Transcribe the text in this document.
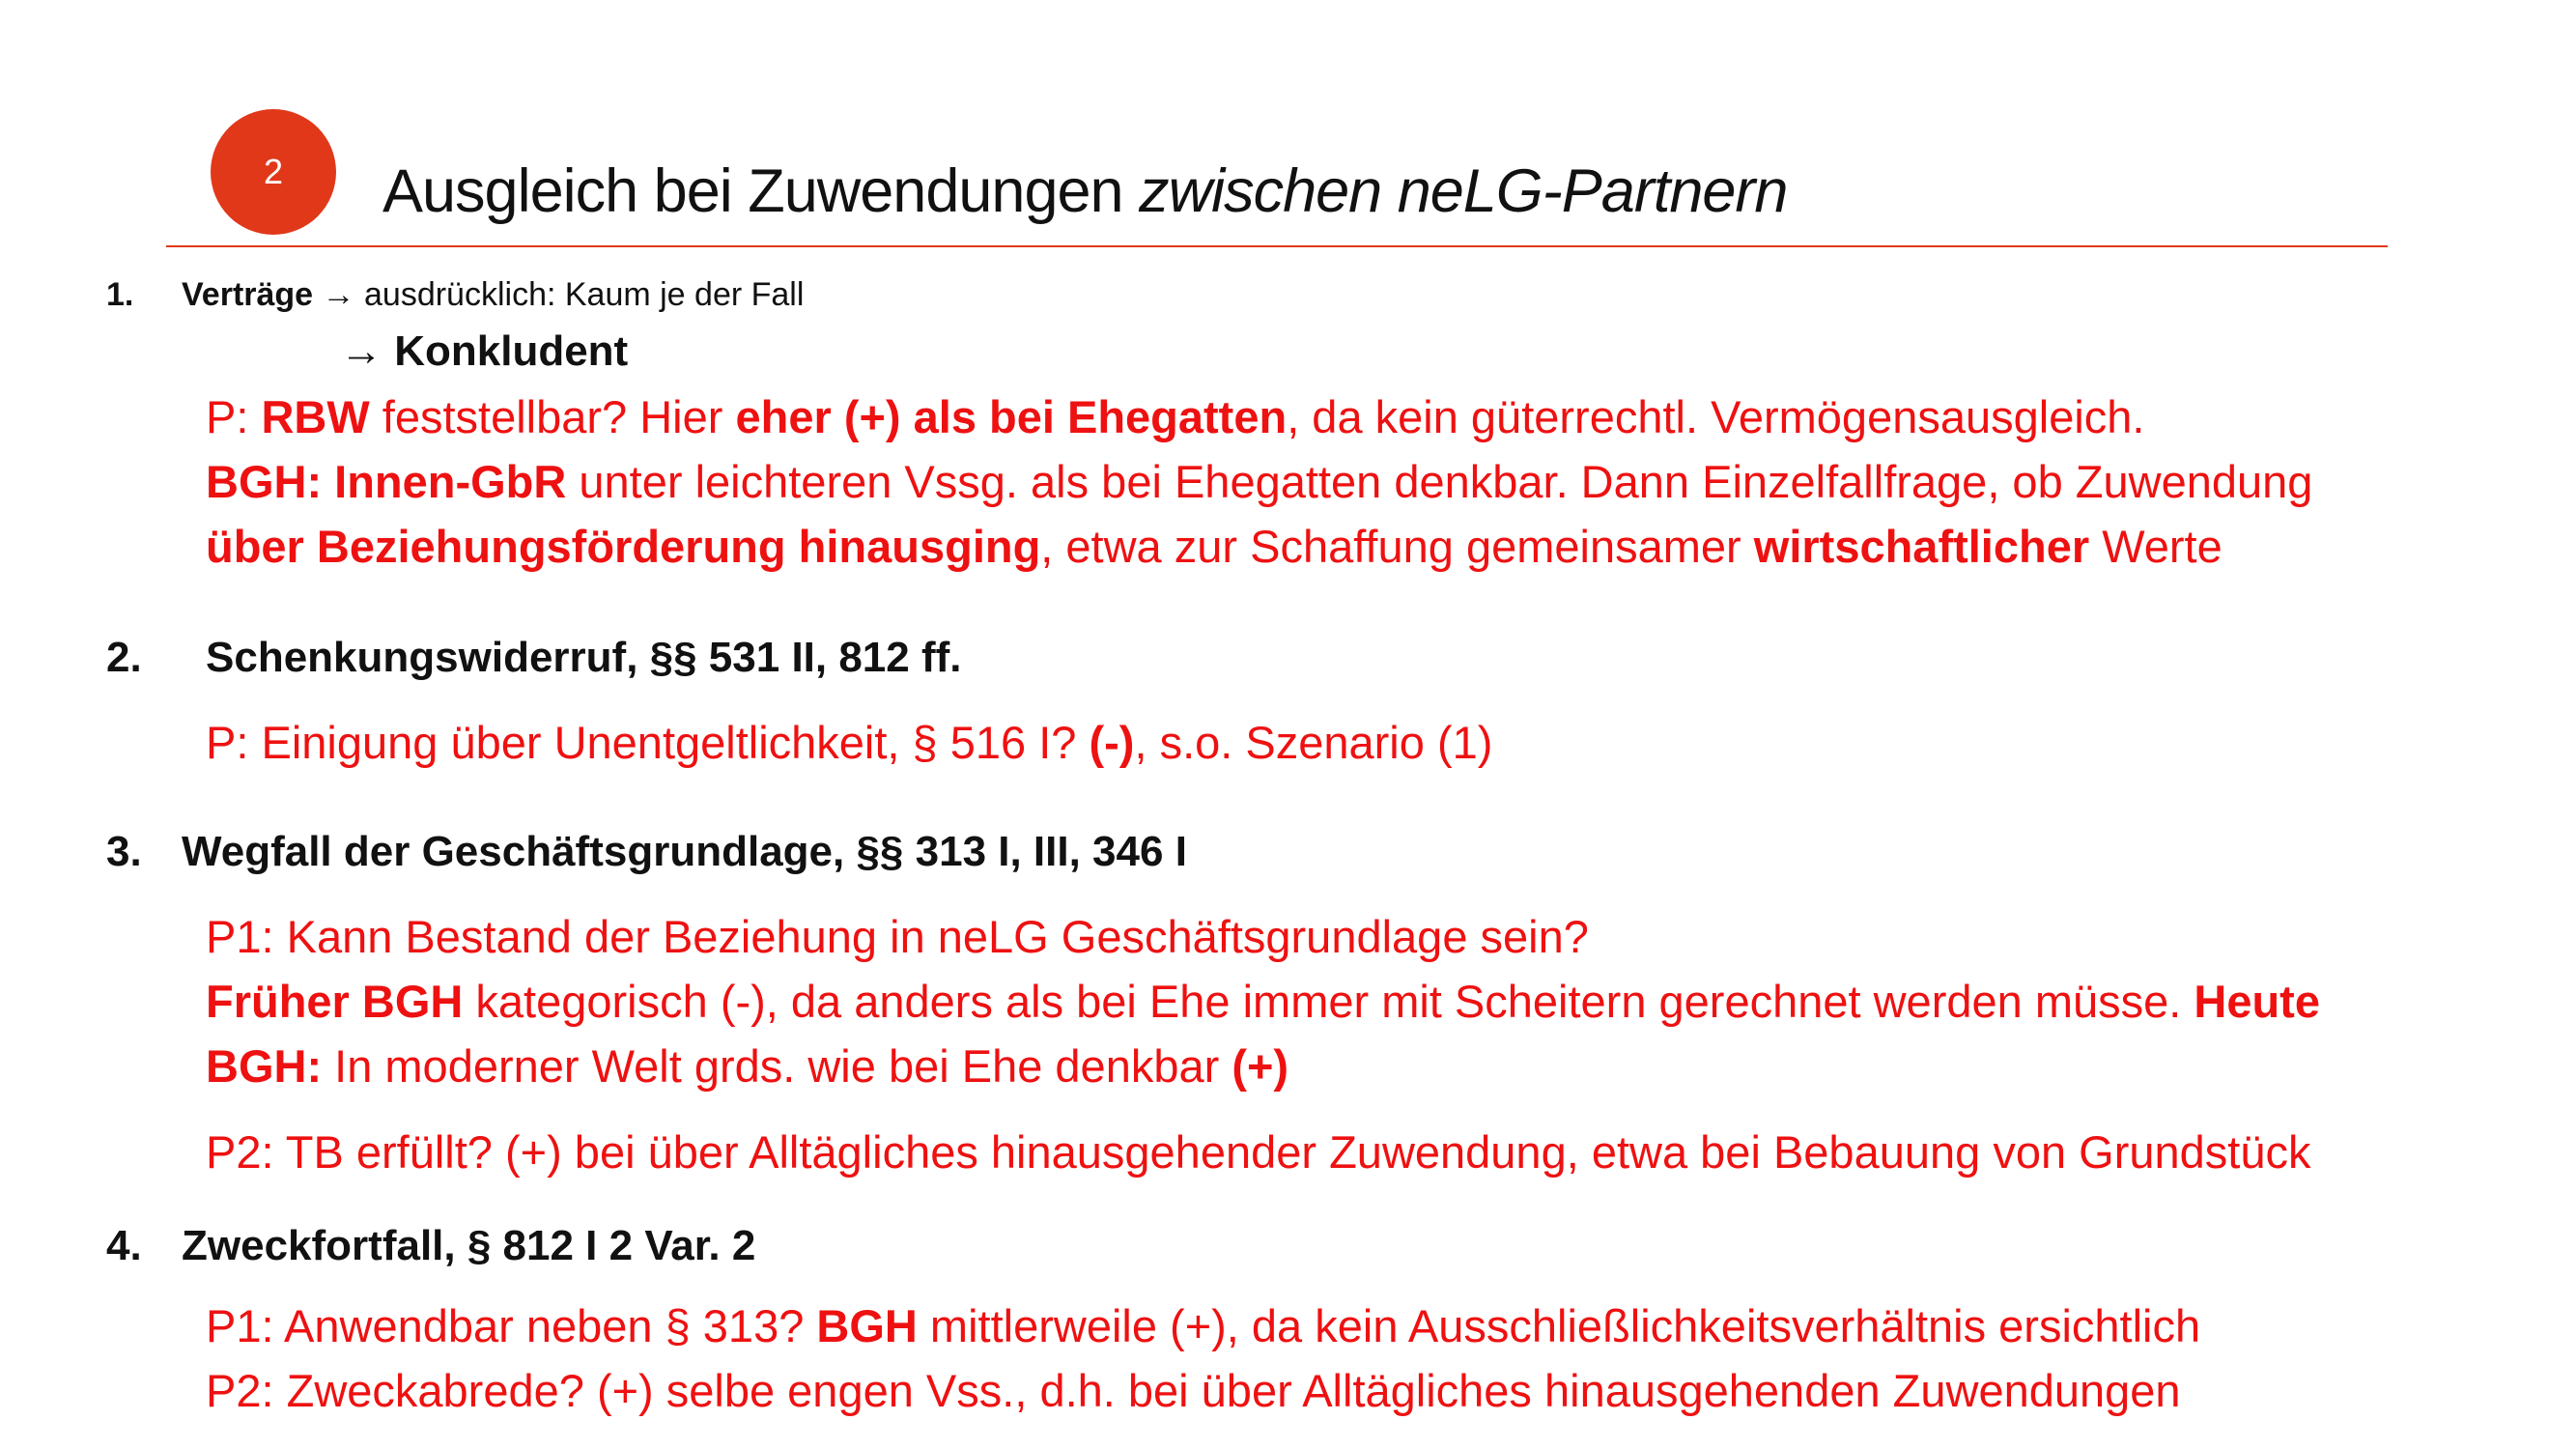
2 Ausgleich bei Zuwendungen zwischen neLG-Partnern
1. Verträge → ausdrücklich: Kaum je der Fall
→ Konkludent
P: RBW feststellbar? Hier eher (+) als bei Ehegatten, da kein güterrechtl. Vermögensausgleich.
BGH: Innen-GbR unter leichteren Vssg. als bei Ehegatten denkbar. Dann Einzelfallfrage, ob Zuwendung
über Beziehungsförderung hinausging, etwa zur Schaffung gemeinsamer wirtschaftlicher Werte
2. Schenkungswiderruf, §§ 531 II, 812 ff.
P: Einigung über Unentgeltlichkeit, § 516 I? (-), s.o. Szenario (1)
3. Wegfall der Geschäftsgrundlage, §§ 313 I, III, 346 I
P1: Kann Bestand der Beziehung in neLG Geschäftsgrundlage sein?
Früher BGH kategorisch (-), da anders als bei Ehe immer mit Scheitern gerechnet werden müsse. Heute
BGH: In moderner Welt grds. wie bei Ehe denkbar (+)
P2: TB erfüllt? (+) bei über Alltägliches hinausgehender Zuwendung, etwa bei Bebauung von Grundstück
4. Zweckfortfall, § 812 I 2 Var. 2
P1: Anwendbar neben § 313? BGH mittlerweile (+), da kein Ausschließlichkeitsverhältnis ersichtlich
P2: Zweckabrede? (+) selbe engen Vss., d.h. bei über Alltägliches hinausgehenden Zuwendungen
